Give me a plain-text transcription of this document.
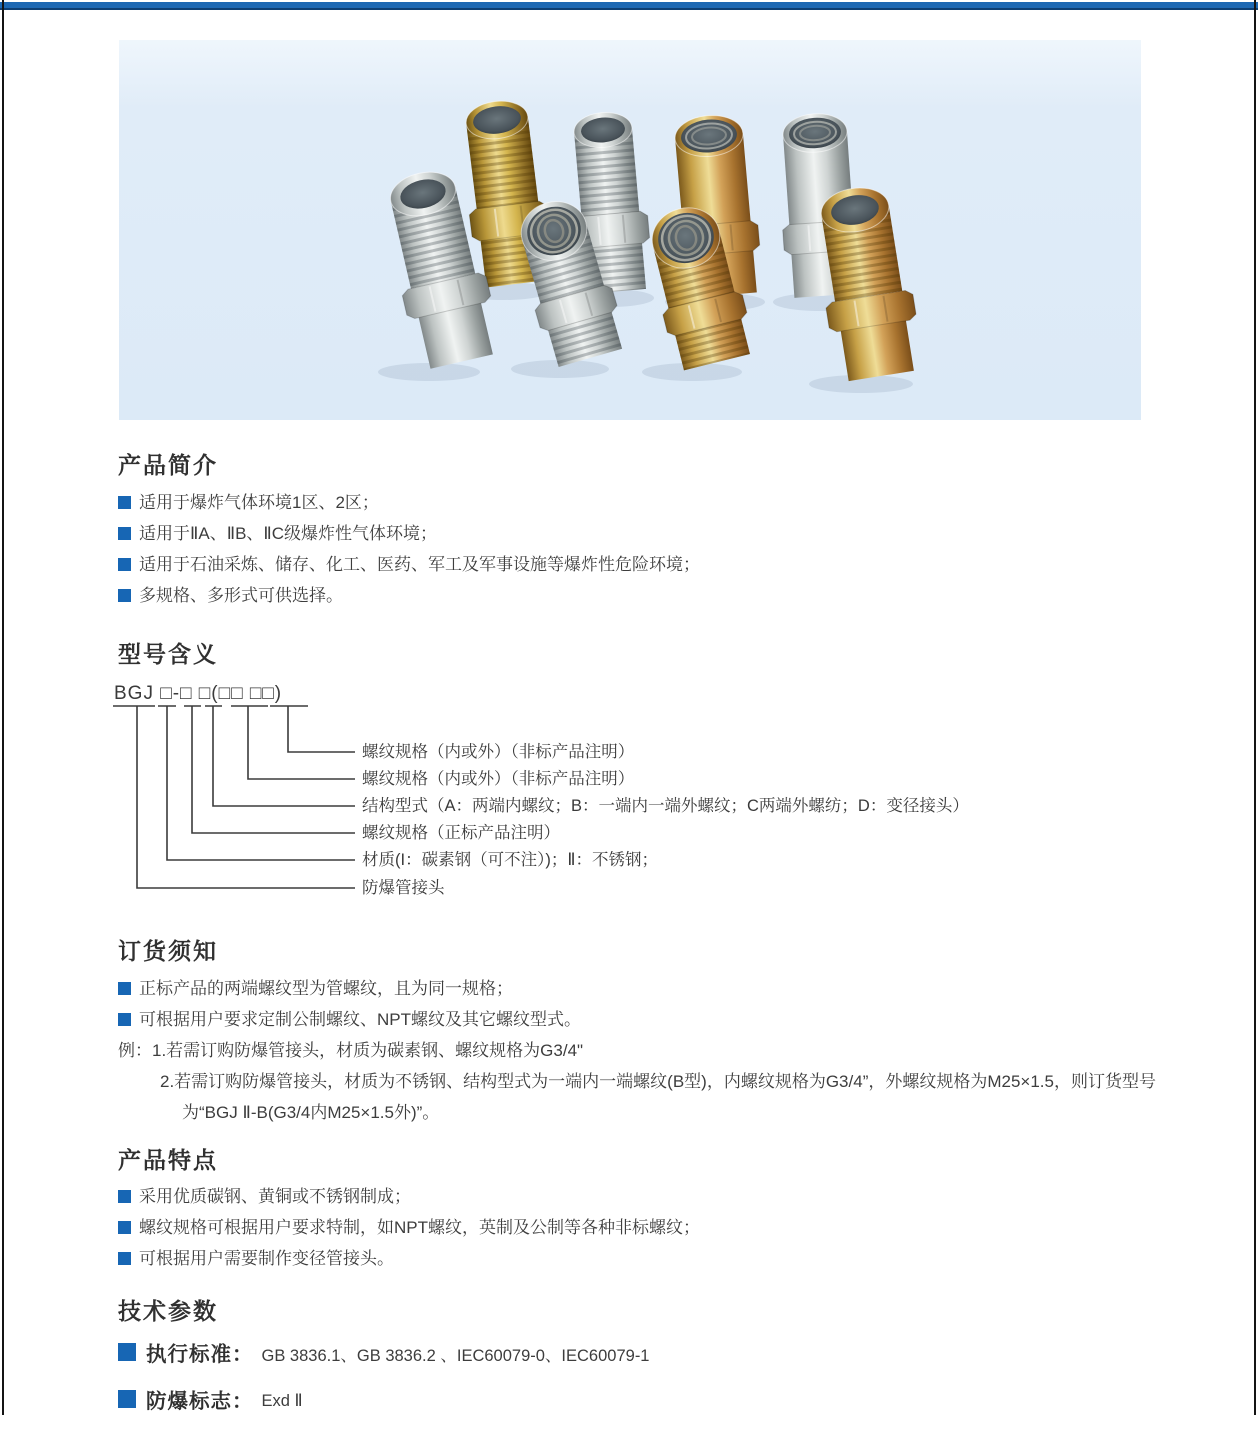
产品简介
适用于爆炸气体环境1区、2区；
适用于ⅡA、ⅡB、ⅡC级爆炸性气体环境；
适用于石油采炼、储存、化工、医药、军工及军事设施等爆炸性危险环境；
多规格、多形式可供选择。
型号含义
BGJ □-□ □(□□ □□)
螺纹规格（内或外）（非标产品注明）
螺纹规格（内或外）（非标产品注明）
结构型式（A：两端内螺纹；B：一端内一端外螺纹；C两端外螺纺；D：变径接头）
螺纹规格（正标产品注明）
材质(I：碳素钢（可不注）)；Ⅱ：不锈钢；
防爆管接头
订货须知
正标产品的两端螺纹型为管螺纹，且为同一规格；
可根据用户要求定制公制螺纹、NPT螺纹及其它螺纹型式。
例：1.若需订购防爆管接头，材质为碳素钢、螺纹规格为G3/4"
2.若需订购防爆管接头，材质为不锈钢、结构型式为一端内一端螺纹(B型)，内螺纹规格为G3/4”，外螺纹规格为M25×1.5，则订货型号
为“BGJ Ⅱ-B(G3/4内M25×1.5外)”。
产品特点
采用优质碳钢、黄铜或不锈钢制成；
螺纹规格可根据用户要求特制，如NPT螺纹，英制及公制等各种非标螺纹；
可根据用户需要制作变径管接头。
技术参数
执行标准： GB 3836.1、GB 3836.2 、IEC60079-0、IEC60079-1
防爆标志： Exd Ⅱ
